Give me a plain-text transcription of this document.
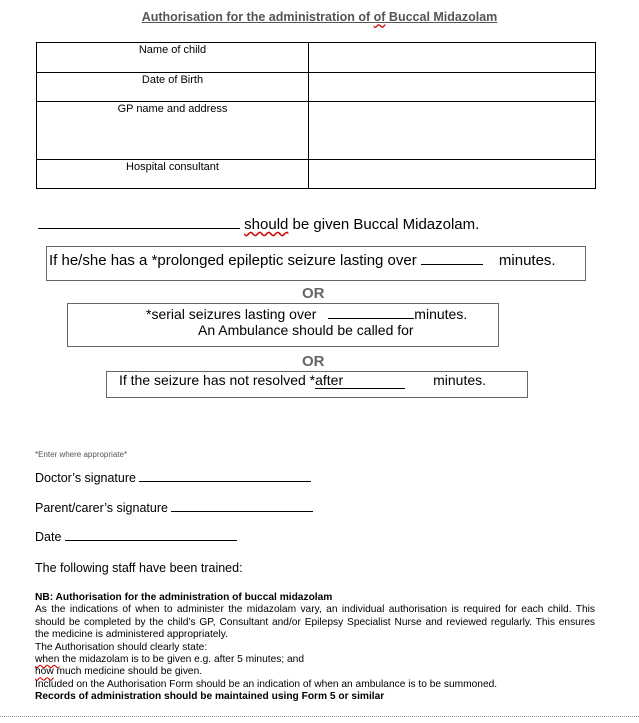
Authorisation for the administration of of Buccal Midazolam
Name of child	
Date of Birth	
GP name and address	
Hospital consultant	
should be given Buccal Midazolam.
If he/she has a *prolonged epileptic seizure lasting over	minutes.
OR
*serial seizures lasting over	minutes.
An Ambulance should be called for
OR
If the seizure has not resolved *after	minutes.
*Enter where appropriate*
Doctor’s signature
Parent/carer’s signature
Date
The following staff have been trained:

NB: Authorisation for the administration of buccal midazolam

As the indications of when to administer the midazolam vary, an individual authorisation is required for each child. This should be completed by the child’s GP, Consultant and/or Epilepsy Specialist Nurse and reviewed regularly. This ensures the medicine is administered appropriately.

The Authorisation should clearly state:

when the midazolam is to be given e.g. after 5 minutes; and

how much medicine should be given.

Included on the Authorisation Form should be an indication of when an ambulance is to be summoned.

Records of administration should be maintained using Form 5 or similar
